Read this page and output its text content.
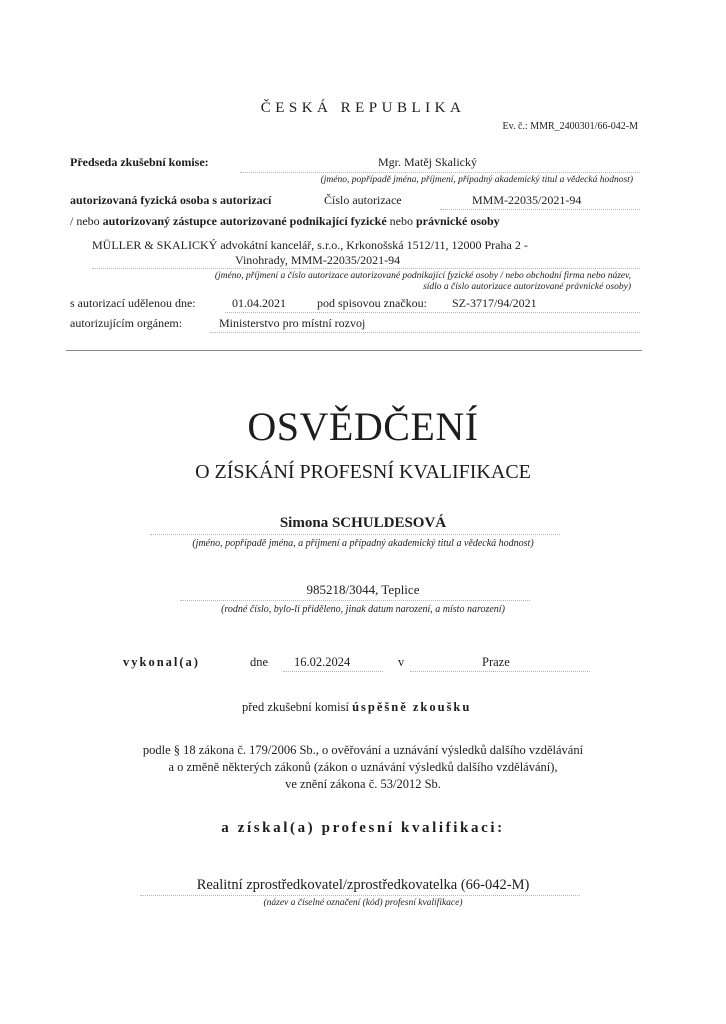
ČESKÁ REPUBLIKA
Ev. č.: MMR_2400301/66-042-M
Předseda zkušební komise:	Mgr. Matěj Skalický
(jméno, popřípadě jména, příjmení, případný akademický titul a vědecká hodnost)
autorizovaná fyzická osoba s autorizací	Číslo autorizace	MMM-22035/2021-94
/ nebo autorizovaný zástupce autorizované podnikající fyzické nebo právnické osoby
MÜLLER & SKALICKÝ advokátní kancelář, s.r.o., Krkonošská 1512/11, 12000 Praha 2 -
Vinohrady, MMM-22035/2021-94
(jméno, příjmení a číslo autorizace autorizované podnikající fyzické osoby / nebo obchodní firma nebo název,
sídlo a číslo autorizace autorizované právnické osoby)
s autorizací udělenou dne:	01.04.2021	pod spisovou značkou: SZ-3717/94/2021
autorizujícím orgánem:	Ministerstvo pro místní rozvoj
OSVĚDČENÍ
O ZÍSKÁNÍ PROFESNÍ KVALIFIKACE
Simona SCHULDESOVÁ
(jméno, popřípadě jména, a příjmení a případný akademický titul a vědecká hodnost)
985218/3044, Teplice
(rodné číslo, bylo-li přiděleno, jinak datum narození, a místo narození)
vykonal(a)	dne 16.02.2024	v	Praze
před zkušební komisí úspěšně zkoušku
podle § 18 zákona č. 179/2006 Sb., o ověřování a uznávání výsledků dalšího vzdělávání
a o změně některých zákonů (zákon o uznávání výsledků dalšího vzdělávání),
ve znění zákona č. 53/2012 Sb.
a získal(a) profesní kvalifikaci:
Realitní zprostředkovatel/zprostředkovatelka (66-042-M)
(název a číselné označení (kód) profesní kvalifikace)
